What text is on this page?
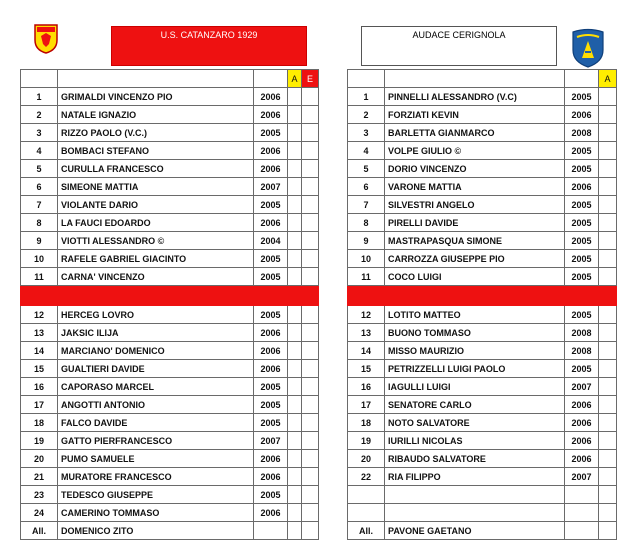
U.S. CATANZARO 1929	AUDACE CERIGNOLA
			A	E
1	GRIMALDI VINCENZO PIO	2006		
2	NATALE IGNAZIO	2006		
3	RIZZO PAOLO (V.C.)	2005		
4	BOMBACI STEFANO	2006		
5	CURULLA FRANCESCO	2006		
6	SIMEONE MATTIA	2007		
7	VIOLANTE DARIO	2005		
8	LA FAUCI EDOARDO	2006		
9	VIOTTI ALESSANDRO ©	2004		
10	RAFELE GABRIEL GIACINTO	2005		
11	CARNA' VINCENZO	2005		

12	HERCEG LOVRO	2005		
13	JAKSIC ILIJA	2006		
14	MARCIANO' DOMENICO	2006		
15	GUALTIERI DAVIDE	2006		
16	CAPORASO MARCEL	2005		
17	ANGOTTI ANTONIO	2005		
18	FALCO DAVIDE	2005		
19	GATTO PIERFRANCESCO	2007		
20	PUMO SAMUELE	2006		
21	MURATORE FRANCESCO	2006		
23	TEDESCO GIUSEPPE	2005		
24	CAMERINO TOMMASO	2006		
All.	DOMENICO ZITO			
			A
1	PINNELLI ALESSANDRO (V.C)	2005	
2	FORZIATI KEVIN	2006	
3	BARLETTA GIANMARCO	2008	
4	VOLPE GIULIO ©	2005	
5	DORIO VINCENZO	2005	
6	VARONE MATTIA	2006	
7	SILVESTRI ANGELO	2005	
8	PIRELLI DAVIDE	2005	
9	MASTRAPASQUA SIMONE	2005	
10	CARROZZA GIUSEPPE PIO	2005	
11	COCO LUIGI	2005	

12	LOTITO MATTEO	2005	
13	BUONO TOMMASO	2008	
14	MISSO MAURIZIO	2008	
15	PETRIZZELLI LUIGI PAOLO	2005	
16	IAGULLI LUIGI	2007	
17	SENATORE CARLO	2006	
18	NOTO SALVATORE	2006	
19	IURILLI NICOLAS	2006	
20	RIBAUDO SALVATORE	2006	
22	RIA FILIPPO	2007	

All.	PAVONE GAETANO		
